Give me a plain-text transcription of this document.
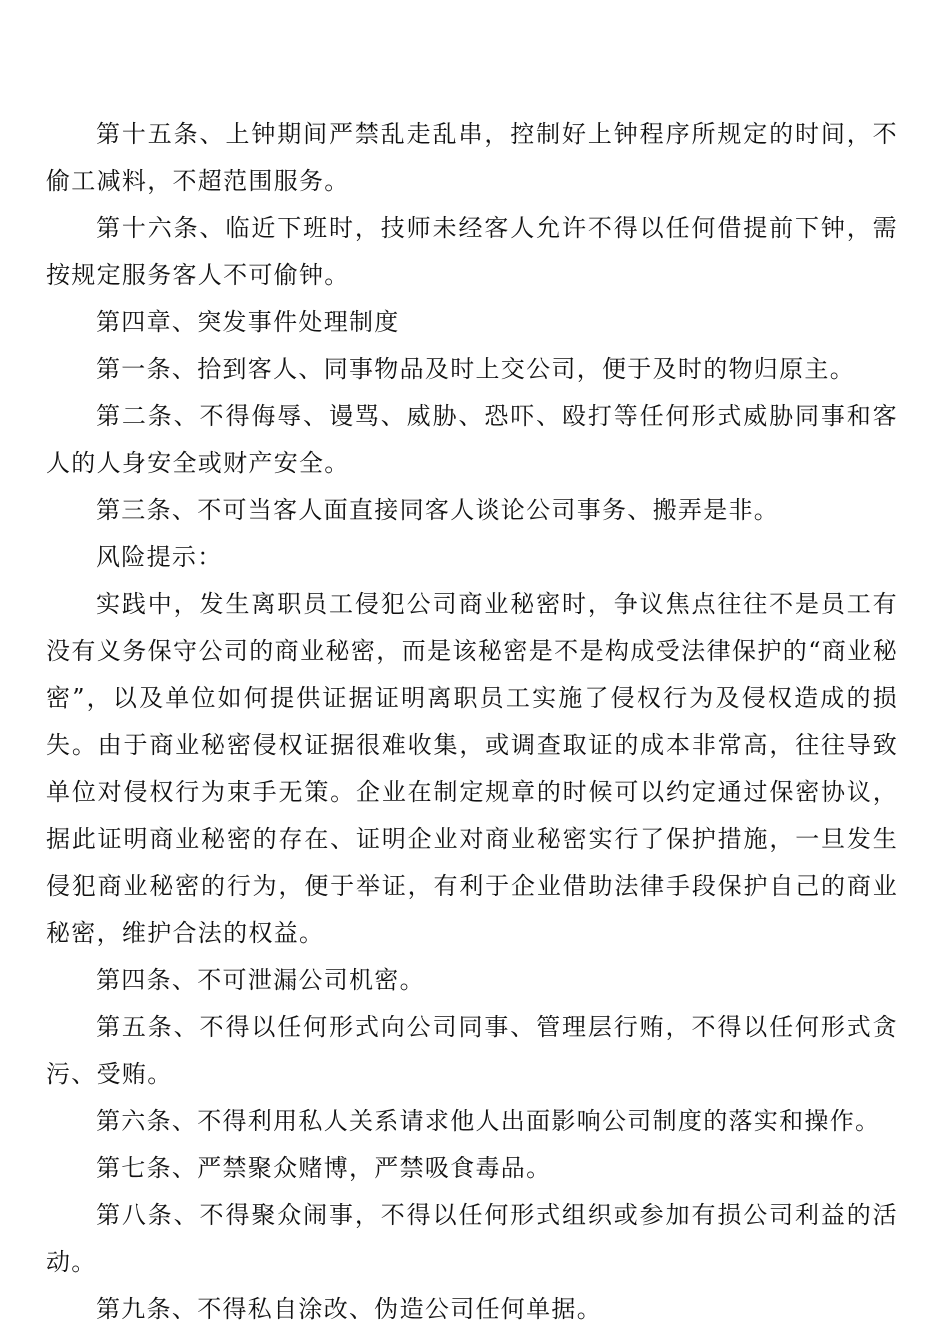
第十五条、上钟期间严禁乱走乱串，控制好上钟程序所规定的时间，不偷工减料，不超范围服务。

第十六条、临近下班时，技师未经客人允许不得以任何借提前下钟，需按规定服务客人不可偷钟。

第四章、突发事件处理制度

第一条、拾到客人、同事物品及时上交公司，便于及时的物归原主。

第二条、不得侮辱、谩骂、威胁、恐吓、殴打等任何形式威胁同事和客人的人身安全或财产安全。

第三条、不可当客人面直接同客人谈论公司事务、搬弄是非。

风险提示：

实践中，发生离职员工侵犯公司商业秘密时，争议焦点往往不是员工有没有义务保守公司的商业秘密，而是该秘密是不是构成受法律保护的“商业秘密”，以及单位如何提供证据证明离职员工实施了侵权行为及侵权造成的损失。由于商业秘密侵权证据很难收集，或调查取证的成本非常高，往往导致单位对侵权行为束手无策。企业在制定规章的时候可以约定通过保密协议，据此证明商业秘密的存在、证明企业对商业秘密实行了保护措施，一旦发生侵犯商业秘密的行为，便于举证，有利于企业借助法律手段保护自己的商业秘密，维护合法的权益。

第四条、不可泄漏公司机密。

第五条、不得以任何形式向公司同事、管理层行贿，不得以任何形式贪污、受贿。

第六条、不得利用私人关系请求他人出面影响公司制度的落实和操作。

第七条、严禁聚众赌博，严禁吸食毒品。

第八条、不得聚众闹事，不得以任何形式组织或参加有损公司利益的活动。

第九条、不得私自涂改、伪造公司任何单据。
